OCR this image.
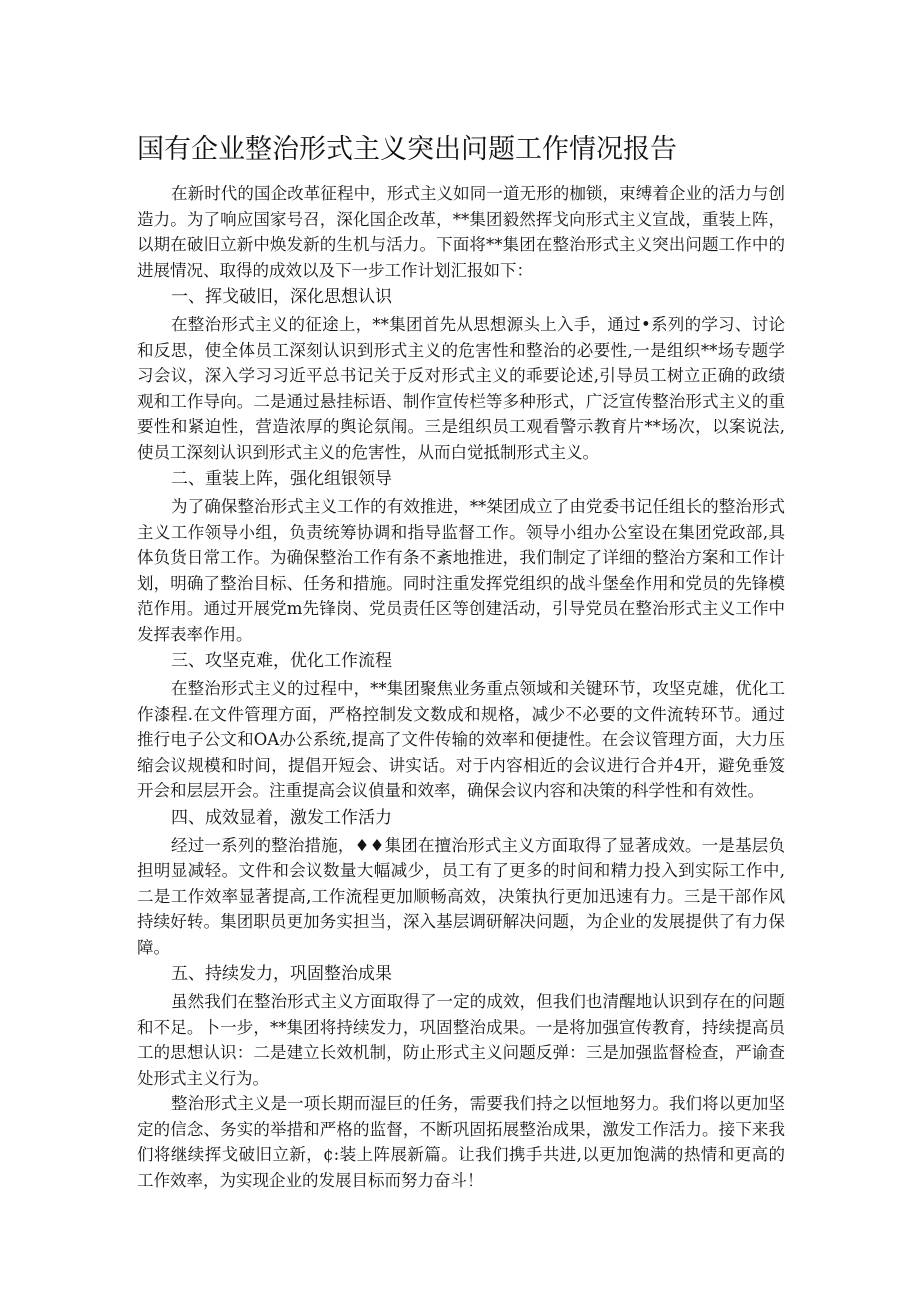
国有企业整治形式主义突出问题工作情况报告

在新时代的国企改革征程中，形式主义如同一道无形的枷锁，束缚着企业的活力与创造力。为了响应国家号召，深化国企改革，**集团毅然挥戈向形式主义宣战，重装上阵，以期在破旧立新中焕发新的生机与活力。下面将**集团在整治形式主义突出问题工作中的进展情况、取得的成效以及下一步工作计划汇报如下：

一、挥戈破旧，深化思想认识

在整治形式主义的征途上，**集团首先从思想源头上入手，通过•系列的学习、讨论和反思，使全体员工深刻认识到形式主义的危害性和整治的必要性,一是组织**场专题学习会议，深入学习习近平总书记关于反对形式主义的乖要论述,引导员工树立正确的政绩观和工作导向。二是通过悬挂标语、制作宣传栏等多种形式，广泛宣传整治形式主义的重要性和紧迫性，营造浓厚的舆论氛闱。三是组织员工观看警示教育片**场次，以案说法,使员工深刻认识到形式主义的危害性，从而白觉抵制形式主义。

二、重装上阵，强化组银领导

为了确保整治形式主义工作的有效推进，**桀团成立了由党委书记任组长的整治形式主义工作领导小组，负责统筹协调和指导监督工作。领导小组办公室设在集团党政部,具体负货日常工作。为确保整治工作有条不紊地推进，我们制定了详细的整治方案和工作计划，明确了整治目标、任务和措施。同时注重发挥党组织的战斗堡垒作用和党员的先锋模范作用。通过开展党m先锋岗、党员责任区等创建活动，引导党员在整治形式主义工作中发挥表率作用。

三、攻坚克难，优化工作流程

在整治形式主义的过程中，**集团聚焦业务重点领域和关键环节，攻坚克雄，优化工作漆程.在文件管理方面，严格控制发文数成和规格，减少不必要的文件流转环节。通过推行电子公文和OA办公系统,提高了文件传输的效率和便捷性。在会议管理方面，大力压缩会议规模和时间，提倡开短会、讲实话。对于内容相近的会议进行合并4开，避免垂笈开会和层层开会。注重提高会议偵量和效率，确保会议内容和决策的科学性和有效性。

四、成效显着，激发工作活力

经过一系列的整治措施，♦♦集团在擅治形式主义方面取得了显著成效。一是基层负担明显减轻。文件和会议数量大幅减少，员工有了更多的时间和精力投入到实际工作中,二是工作效率显著提高,工作流程更加顺畅高效，决策执行更加迅速有力。三是干部作风持续好转。集团职员更加务实担当，深入基层调研解决问题，为企业的发展提供了有力保障。

五、持续发力，巩固整治成果

虽然我们在整治形式主义方面取得了一定的成效，但我们也清醒地认识到存在的问题和不足。卜一步，**集团将持续发力，巩固整治成果。一是将加强宣传教育，持续提高员工的思想认识：二是建立长效机制，防止形式主义问题反弹：三是加强监督检查，严谕查处形式主义行为。

整治形式主义是一项长期而湿巨的任务，需要我们持之以恒地努力。我们将以更加坚定的信念、务实的举措和严格的监督，不断巩固拓展整治成果，激发工作活力。接下来我们将继续挥戈破旧立新，¢:装上阵展新篇。让我们携手共进,以更加饱满的热情和更高的工作效率，为实现企业的发展目标而努力奋斗！
